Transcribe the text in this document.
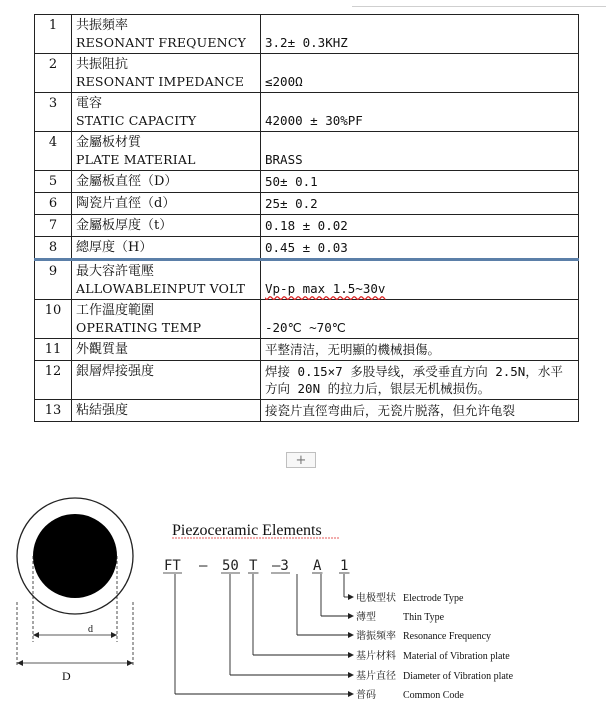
1	共振頻率
RESONANT FREQUENCY	3.2± 0.3KHZ

2	共振阻抗
RESONANT IMPEDANCE	≤200Ω

3	電容
STATIC CAPACITY	42000 ± 30%PF

4	金屬板材質
PLATE MATERIAL	BRASS

5	金屬板直徑（D）	50± 0.1

6	陶瓷片直徑（d）	25± 0.2

7	金屬板厚度（t）	0.18 ± 0.02

8	總厚度（H）	0.45 ± 0.03

9	最大容許電壓
ALLOWABLEINPUT VOLT	Vp-p max 1.5~30v

10	工作溫度範圍
OPERATING TEMP	-20℃ ~70℃

11	外觀質量	平整清洁，无明顯的機械損傷。

12	銀層焊接强度	焊接 0.15×7 多股导线，承受垂直方向 2.5N，水平方向 20N 的拉力后，银层无机械损伤。

13	粘結强度	接瓷片直徑弯曲后，无瓷片脱落，但允许龟裂
+
d
D
Piezoceramic Elements
FT – 50 T –3 A 1
电极型状 Electrode Type
薄型	Thin Type
谐振频率 Resonance Frequency
基片材料 Material of Vibration plate
基片直径 Diameter of Vibration plate
普码	Common Code
